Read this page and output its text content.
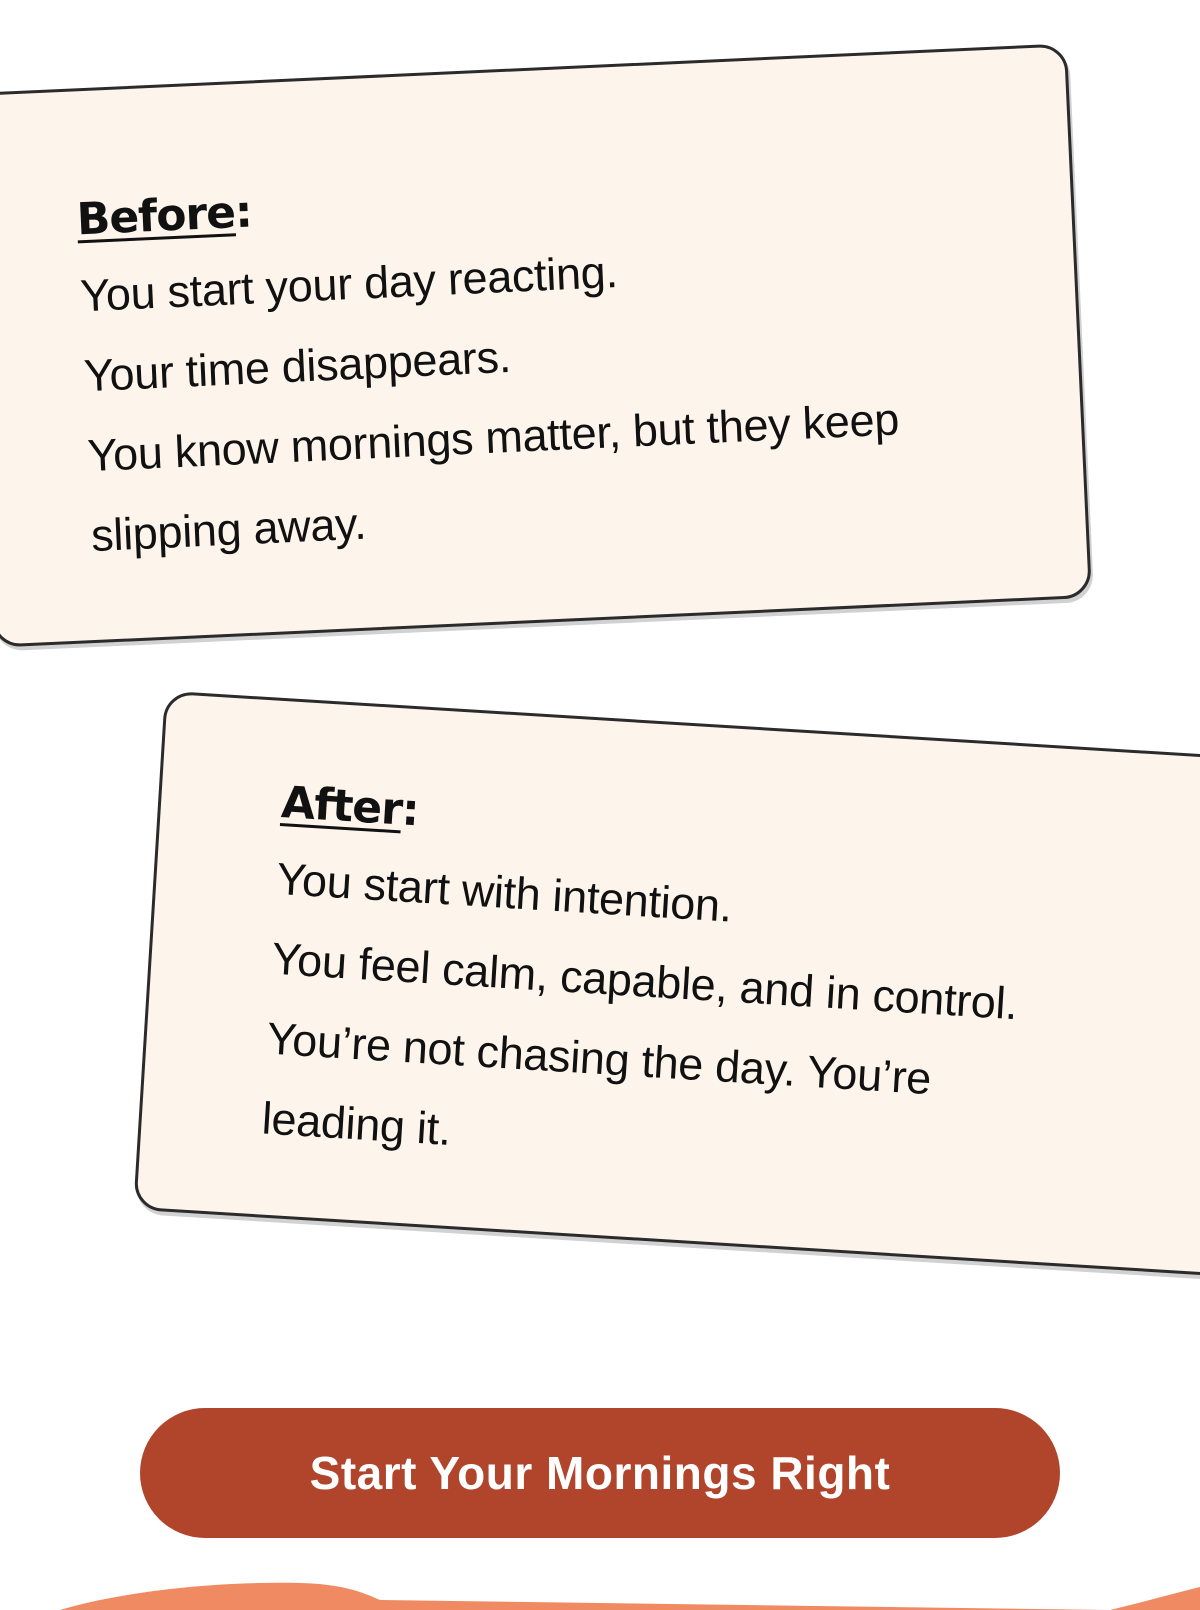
Before:
You start your day reacting.
Your time disappears.
You know mornings matter, but they keep
slipping away.
After:
You start with intention.
You feel calm, capable, and in control.
You’re not chasing the day. You’re
leading it.
Start Your Mornings Right
